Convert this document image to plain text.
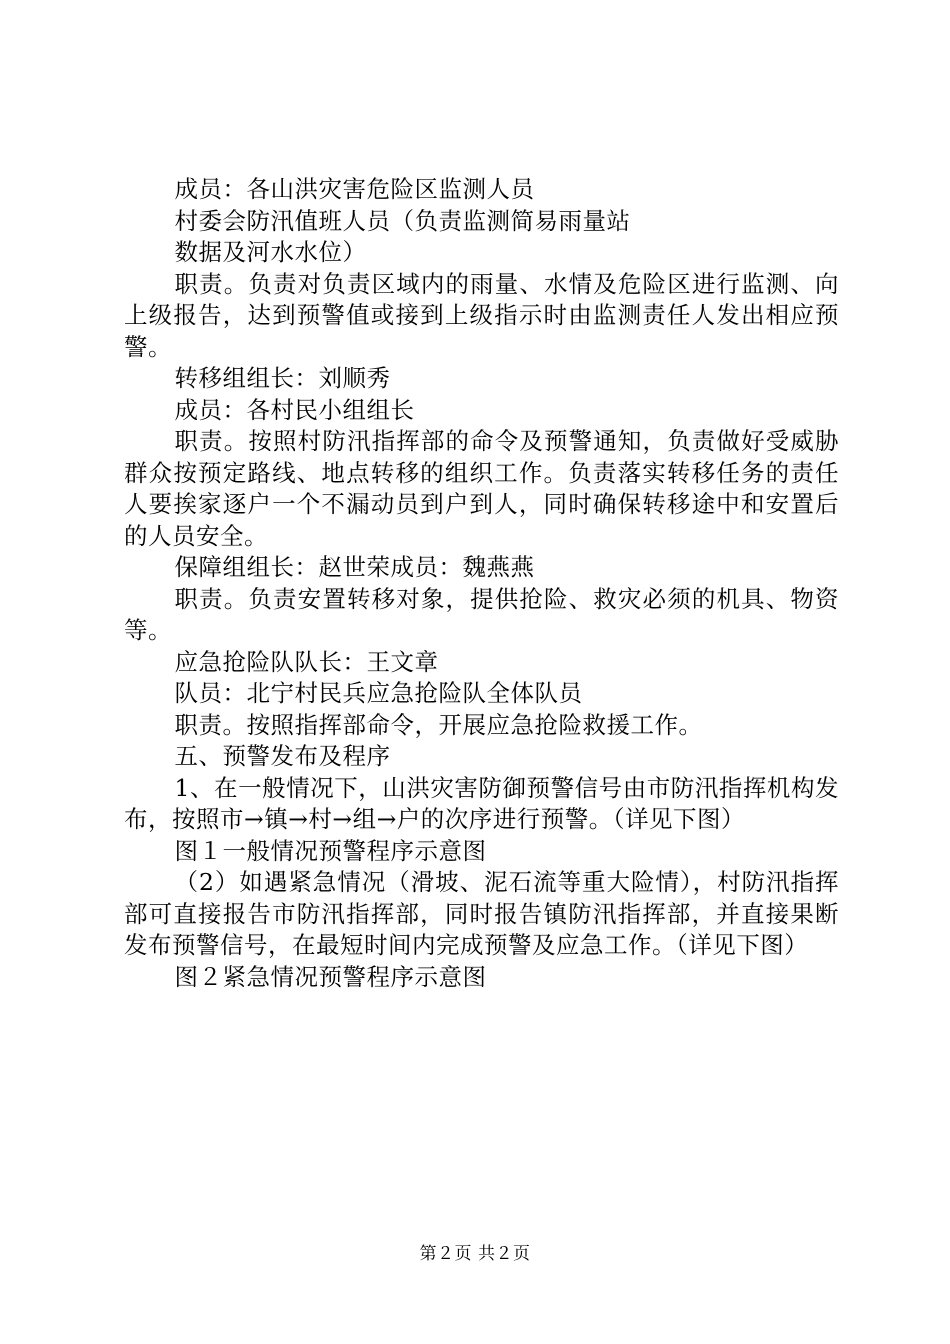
成员：各山洪灾害危险区监测人员

村委会防汛值班人员（负责监测简易雨量站

数据及河水水位）

职责。负责对负责区域内的雨量、水情及危险区进行监测、向上级报告，达到预警值或接到上级指示时由监测责任人发出相应预警。

转移组组长：刘顺秀

成员：各村民小组组长

职责。按照村防汛指挥部的命令及预警通知，负责做好受威胁群众按预定路线、地点转移的组织工作。负责落实转移任务的责任人要挨家逐户一个不漏动员到户到人，同时确保转移途中和安置后的人员安全。

保障组组长：赵世荣成员：魏燕燕

职责。负责安置转移对象，提供抢险、救灾必须的机具、物资等。

应急抢险队队长：王文章

队员：北宁村民兵应急抢险队全体队员

职责。按照指挥部命令，开展应急抢险救援工作。

五、预警发布及程序

1、在一般情况下，山洪灾害防御预警信号由市防汛指挥机构发布，按照市→镇→村→组→户的次序进行预警。（详见下图）

图１一般情况预警程序示意图

（2）如遇紧急情况（滑坡、泥石流等重大险情），村防汛指挥部可直接报告市防汛指挥部，同时报告镇防汛指挥部，并直接果断发布预警信号，在最短时间内完成预警及应急工作。（详见下图）

图２紧急情况预警程序示意图

第２页 共２页
